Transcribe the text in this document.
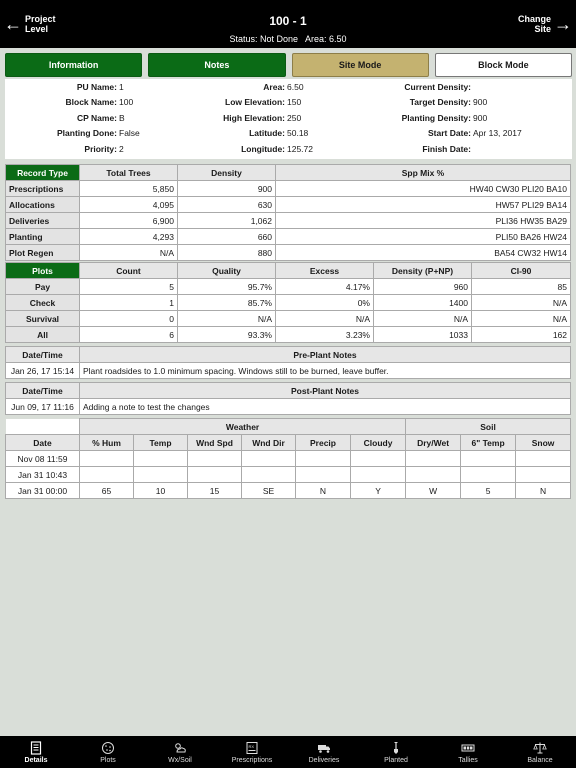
← Project
Level
100 - 1
Status: Not Done   Area: 6.50
Change
Site →
Information	Notes	Site Mode	Block Mode
PU Name: 1	Area: 6.50	Current Density:
Block Name: 100	Low Elevation: 150	Target Density: 900
CP Name: B	High Elevation: 250	Planting Density: 900
Planting Done: False	Latitude: 50.18	Start Date: Apr 13, 2017
Priority: 2	Longitude: 125.72	Finish Date:
Record Type	Total Trees	Density	Spp Mix %
Prescriptions	5,850	900	HW40 CW30 PLI20 BA10
Allocations	4,095	630	HW57 PLI29 BA14
Deliveries	6,900	1,062	PLI36 HW35 BA29
Planting	4,293	660	PLI50 BA26 HW24
Plot Regen	N/A	880	BA54 CW32 HW14
Plots	Count	Quality	Excess	Density (P+NP)	CI-90
Pay	5	95.7%	4.17%	960	85
Check	1	85.7%	0%	1400	N/A
Survival	0	N/A	N/A	N/A	N/A
All	6	93.3%	3.23%	1033	162
Date/Time	Pre-Plant Notes
Jan 26, 17 15:14	Plant roadsides to 1.0 minimum spacing. Windows still to be burned, leave buffer.
Date/Time	Post-Plant Notes
Jun 09, 17 11:16	Adding a note to test the changes
	Weather						Soil		
Date	% Hum	Temp	Wnd Spd	Wnd Dir	Precip	Cloudy	Dry/Wet	6" Temp	Snow
Nov 08 11:59									
Jan 31 10:43									
Jan 31 00:00	65	10	15	SE	N	Y	W	5	N
Details	Plots	Wx/Soil
RX
Prescriptions	Deliveries	Planted	Tallies	Balance
